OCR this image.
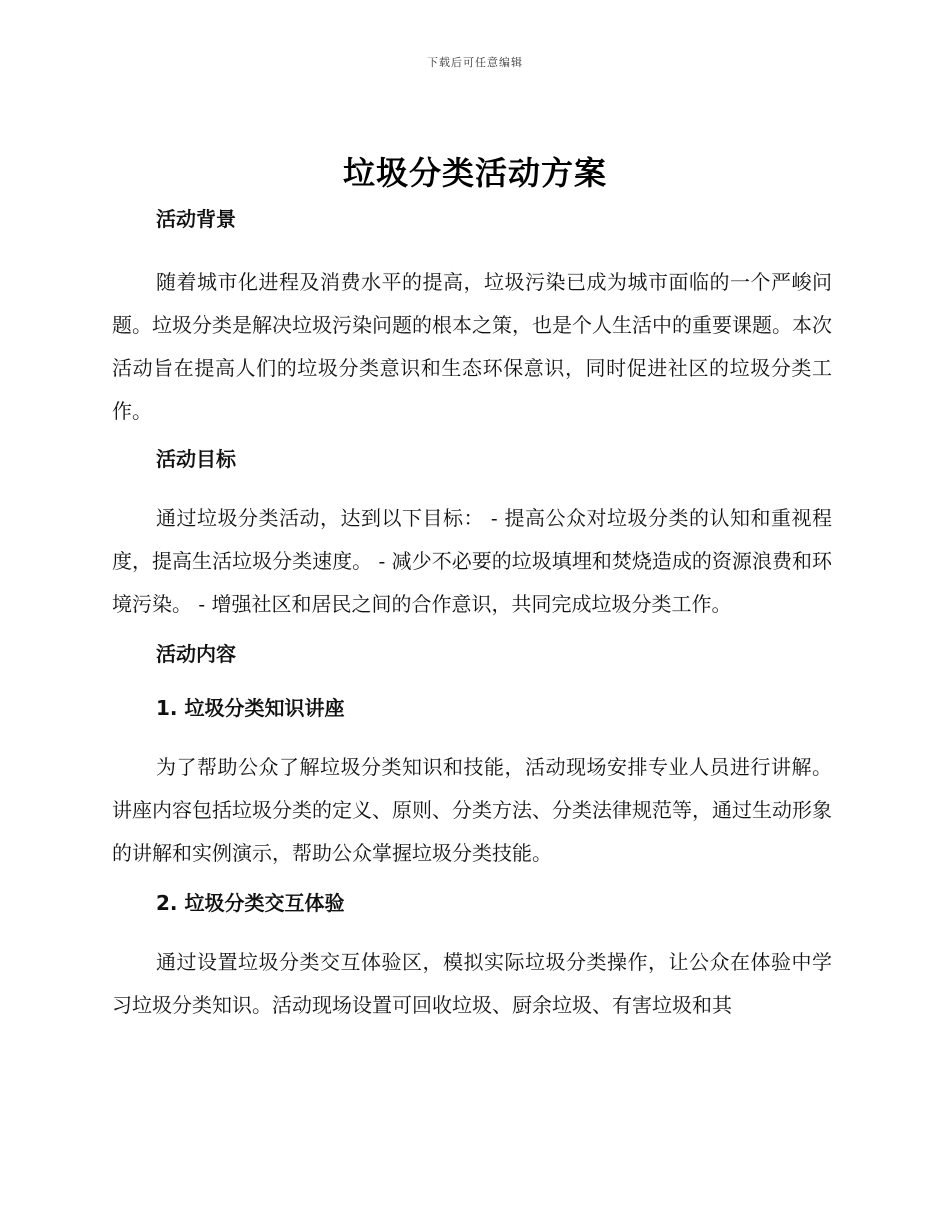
下载后可任意编辑
垃圾分类活动方案
活动背景

随着城市化进程及消费水平的提高，垃圾污染已成为城市面临的一个严峻问题。垃圾分类是解决垃圾污染问题的根本之策，也是个人生活中的重要课题。本次活动旨在提高人们的垃圾分类意识和生态环保意识，同时促进社区的垃圾分类工作。

活动目标

通过垃圾分类活动，达到以下目标： - 提高公众对垃圾分类的认知和重视程度，提高生活垃圾分类速度。 - 减少不必要的垃圾填埋和焚烧造成的资源浪费和环境污染。 - 增强社区和居民之间的合作意识，共同完成垃圾分类工作。

活动内容
1. 垃圾分类知识讲座

为了帮助公众了解垃圾分类知识和技能，活动现场安排专业人员进行讲解。讲座内容包括垃圾分类的定义、原则、分类方法、分类法律规范等，通过生动形象的讲解和实例演示，帮助公众掌握垃圾分类技能。

2. 垃圾分类交互体验

通过设置垃圾分类交互体验区，模拟实际垃圾分类操作，让公众在体验中学习垃圾分类知识。活动现场设置可回收垃圾、厨余垃圾、有害垃圾和其
